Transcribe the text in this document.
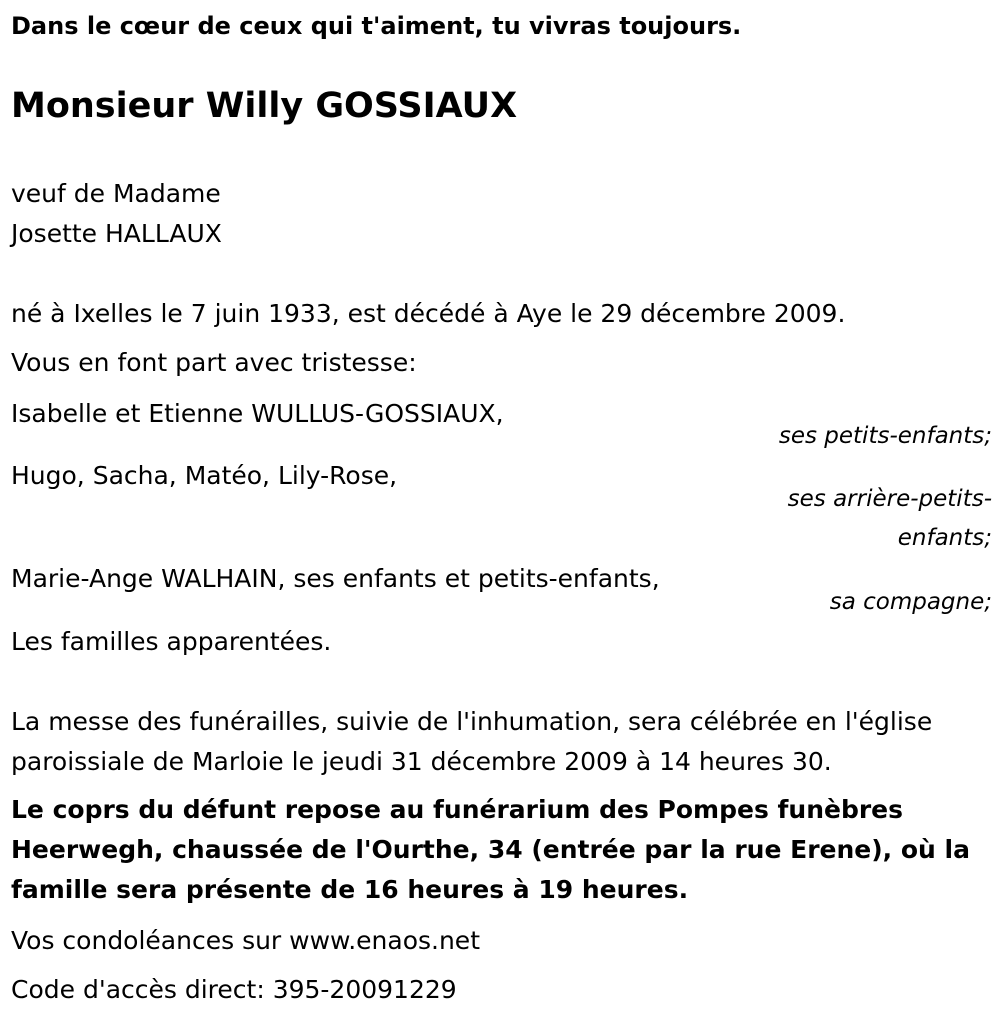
Dans le cœur de ceux qui t'aiment, tu vivras toujours.
Monsieur Willy GOSSIAUX
veuf de Madame
Josette HALLAUX
né à Ixelles le 7 juin 1933, est décédé à Aye le 29 décembre 2009.
Vous en font part avec tristesse:
Isabelle et Etienne WULLUS-GOSSIAUX,
ses petits-enfants;
Hugo, Sacha, Matéo, Lily-Rose,
ses arrière-petits-
enfants;
Marie-Ange WALHAIN, ses enfants et petits-enfants,
sa compagne;
Les familles apparentées.
La messe des funérailles, suivie de l'inhumation, sera célébrée en l'église
paroissiale de Marloie le jeudi 31 décembre 2009 à 14 heures 30.
Le coprs du défunt repose au funérarium des Pompes funèbres
Heerwegh, chaussée de l'Ourthe, 34 (entrée par la rue Erene), où la
famille sera présente de 16 heures à 19 heures.
Vos condoléances sur www.enaos.net
Code d'accès direct: 395-20091229
